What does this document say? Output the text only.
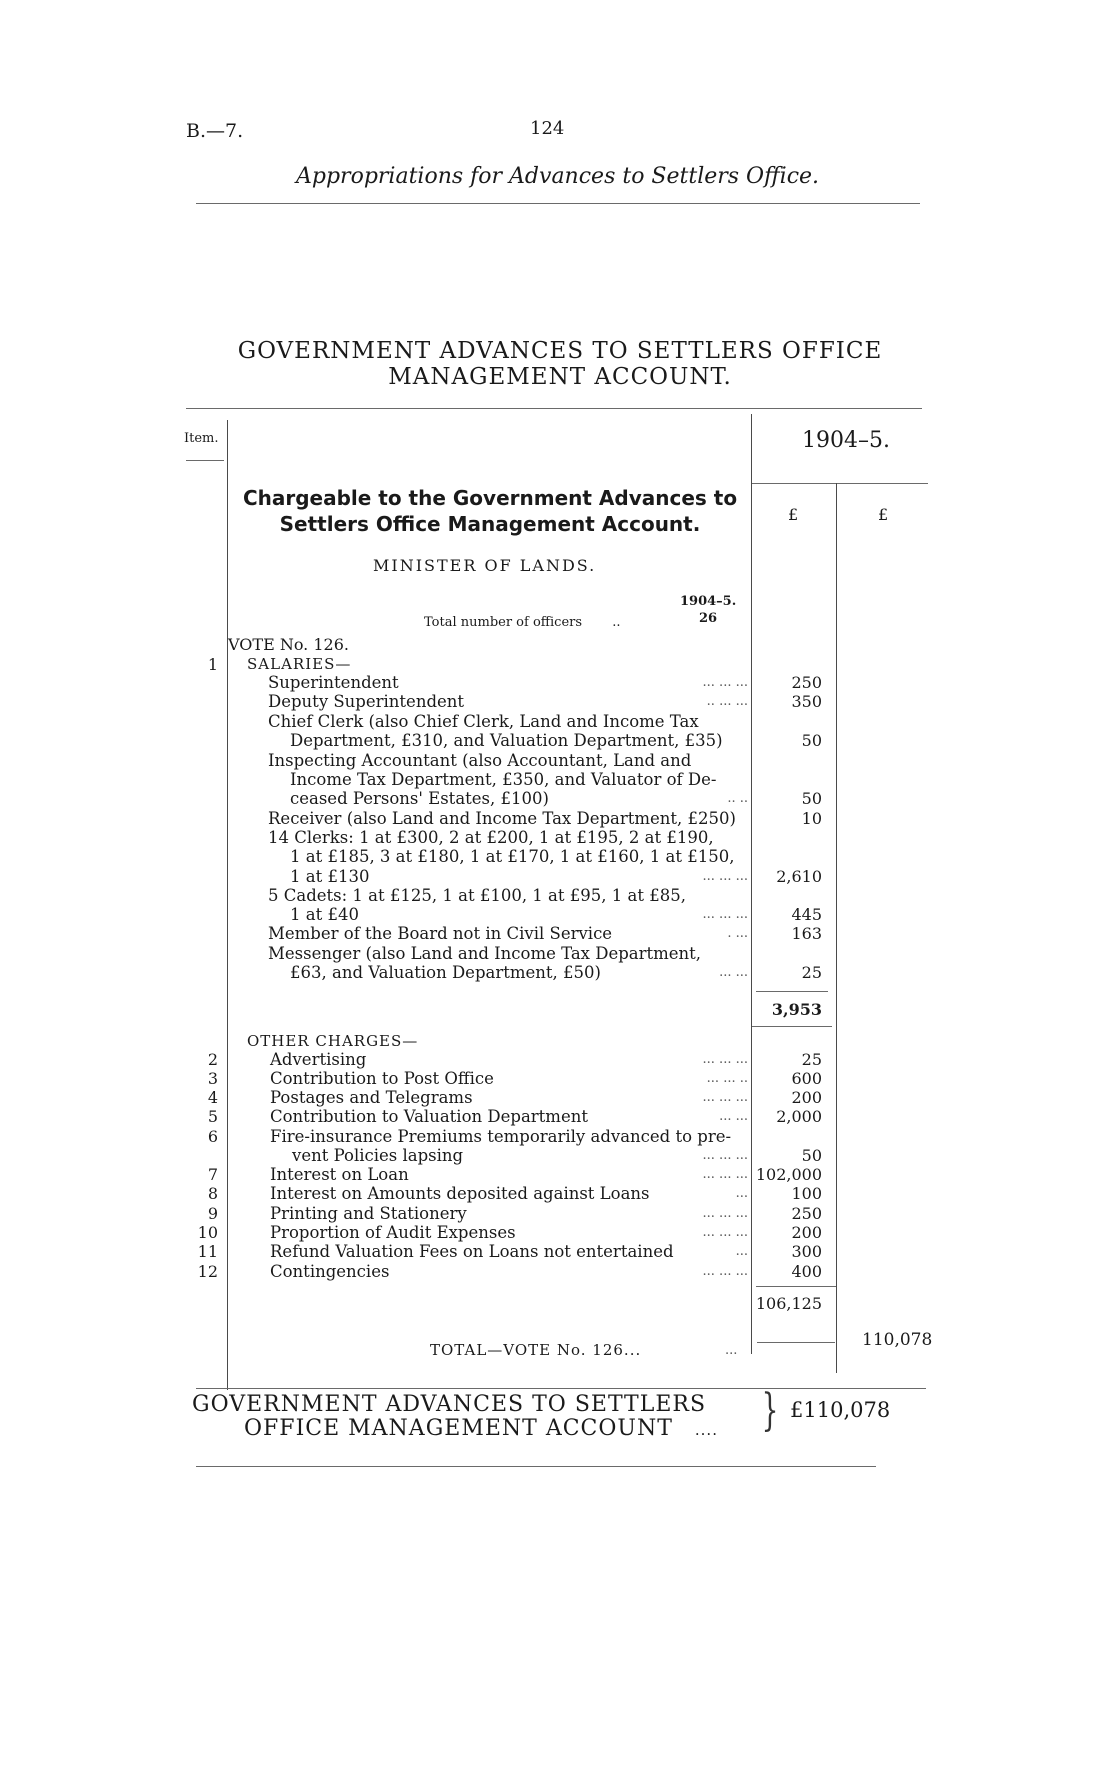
B.—7.	124
Appropriations for Advances to Settlers Office.
GOVERNMENT ADVANCES TO SETTLERS OFFICE
MANAGEMENT ACCOUNT.
Item.	1904–5.
£	£
Chargeable to the Government Advances to
Settlers Office Management Account.
MINISTER OF LANDS.
1904–5.
Total number of officers ..	26
VOTE No. 126.
1 SALARIES—
Superintendent	... ... ...	250
Deputy Superintendent	.. ... ...	350
Chief Clerk (also Chief Clerk, Land and Income Tax
Department, £310, and Valuation Department, £35)	50
Inspecting Accountant (also Accountant, Land and
Income Tax Department, £350, and Valuator of De-
ceased Persons' Estates, £100)	.. ..	50
Receiver (also Land and Income Tax Department, £250)	10
14 Clerks: 1 at £300, 2 at £200, 1 at £195, 2 at £190,
1 at £185, 3 at £180, 1 at £170, 1 at £160, 1 at £150,
1 at £130	... ... ...	2,610
5 Cadets: 1 at £125, 1 at £100, 1 at £95, 1 at £85,
1 at £40	... ... ...	445
Member of the Board not in Civil Service	. ...	163
Messenger (also Land and Income Tax Department,
£63, and Valuation Department, £50)	... ...	25
3,953
OTHER CHARGES—
2	Advertising	... ... ...	25
3	Contribution to Post Office	... ... ..	600
4	Postages and Telegrams	... ... ...	200
5	Contribution to Valuation Department	... ...	2,000
6	Fire-insurance Premiums temporarily advanced to pre-
vent Policies lapsing	... ... ...	50
7	Interest on Loan	... ... ... 102,000
8	Interest on Amounts deposited against Loans	...	100
9	Printing and Stationery	... ... ...	250
10	Proportion of Audit Expenses	... ... ...	200
11	Refund Valuation Fees on Loans not entertained	...	300
12	Contingencies	... ... ...	400
106,125
TOTAL—VOTE No. 126...	...
110,078
GOVERNMENT ADVANCES TO SETTLERS
OFFICE MANAGEMENT ACCOUNT .... } £110,078
